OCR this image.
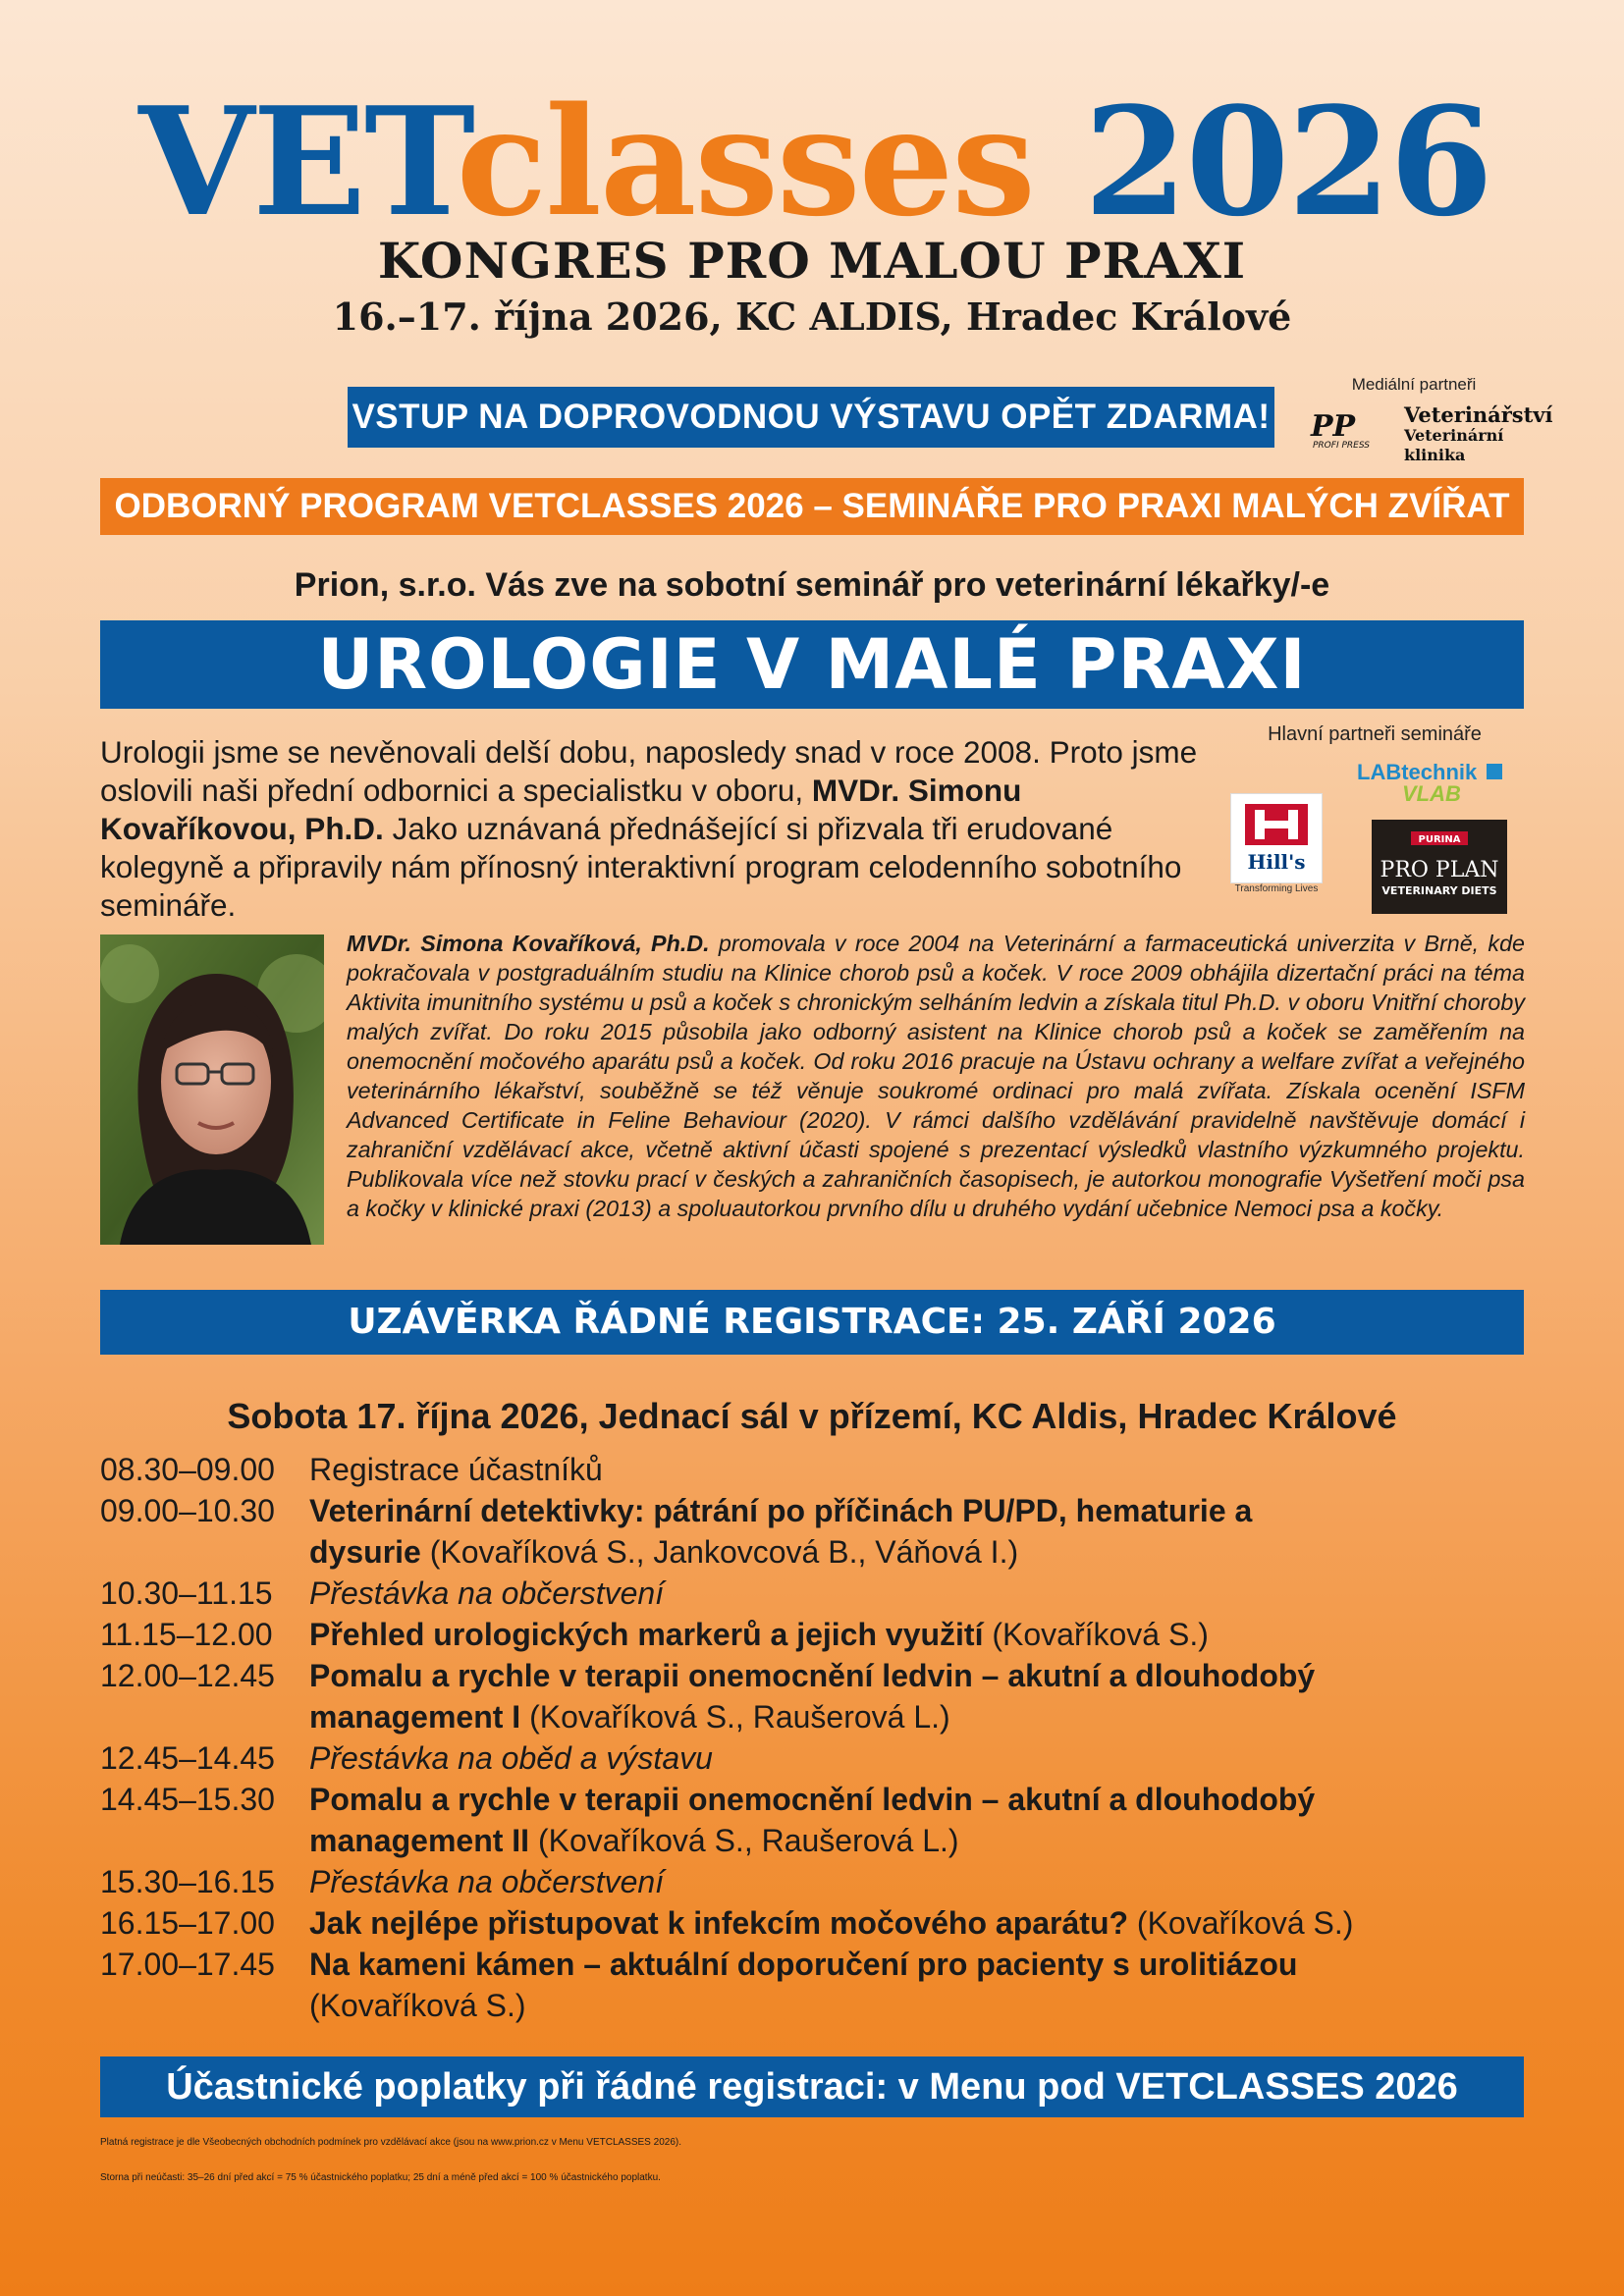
VETclasses 2026
KONGRES PRO MALOU PRAXI
16.–17. října 2026, KC ALDIS, Hradec Králové
VSTUP NA DOPROVODNOU VÝSTAVU OPĚT ZDARMA!
Mediální partneři
PP
PROFI PRESS
Veterinářství
Veterinární klinika
ODBORNÝ PROGRAM VETCLASSES 2026 – SEMINÁŘE PRO PRAXI MALÝCH ZVÍŘAT
Prion, s.r.o. Vás zve na sobotní seminář pro veterinární lékařky/-e
UROLOGIE V MALÉ PRAXI
Urologii jsme se nevěnovali delší dobu, naposledy snad v roce 2008. Proto jsme oslovili naši přední odbornici a specialistku v oboru, MVDr. Simonu Kovaříkovou, Ph.D. Jako uznávaná přednášející si přizvala tři erudované kolegyně a připravily nám přínosný interaktivní program celodenního sobotního semináře.
Hlavní partneři semináře
LABtechnik
VLAB
Hill's
Transforming Lives
PURINA
PRO PLAN
VETERINARY DIETS
MVDr. Simona Kovaříková, Ph.D. promovala v roce 2004 na Veterinární a farmaceutická univerzita v Brně, kde pokračovala v postgraduálním studiu na Klinice chorob psů a koček. V roce 2009 obhájila dizertační práci na téma Aktivita imunitního systému u psů a koček s chronickým selháním ledvin a získala titul Ph.D. v oboru Vnitřní choroby malých zvířat. Do roku 2015 působila jako odborný asistent na Klinice chorob psů a koček se zaměřením na onemocnění močového aparátu psů a koček. Od roku 2016 pracuje na Ústavu ochrany a welfare zvířat a veřejného veterinárního lékařství, souběžně se též věnuje soukromé ordinaci pro malá zvířata. Získala ocenění ISFM Advanced Certificate in Feline Behaviour (2020). V rámci dalšího vzdělávání pravidelně navštěvuje domácí i zahraniční vzdělávací akce, včetně aktivní účasti spojené s prezentací výsledků vlastního výzkumného projektu. Publikovala více než stovku prací v českých a zahraničních časopisech, je autorkou monografie Vyšetření moči psa a kočky v klinické praxi (2013) a spoluautorkou prvního dílu u druhého vydání učebnice Nemoci psa a kočky.
UZÁVĚRKA ŘÁDNÉ REGISTRACE: 25. ZÁŘÍ 2026
Sobota 17. října 2026, Jednací sál v přízemí, KC Aldis, Hradec Králové
08.30–09.00	Registrace účastníků
09.00–10.30	Veterinární detektivky: pátrání po příčinách PU/PD, hematurie a dysurie (Kovaříková S., Jankovcová B., Váňová I.)
10.30–11.15	Přestávka na občerstvení
11.15–12.00	Přehled urologických markerů a jejich využití (Kovaříková S.)
12.00–12.45	Pomalu a rychle v terapii onemocnění ledvin – akutní a dlouhodobý management I (Kovaříková S., Raušerová L.)
12.45–14.45	Přestávka na oběd a výstavu
14.45–15.30	Pomalu a rychle v terapii onemocnění ledvin – akutní a dlouhodobý management II (Kovaříková S., Raušerová L.)
15.30–16.15	Přestávka na občerstvení
16.15–17.00	Jak nejlépe přistupovat k infekcím močového aparátu? (Kovaříková S.)
17.00–17.45	Na kameni kámen – aktuální doporučení pro pacienty s urolitiázou (Kovaříková S.)
Účastnické poplatky při řádné registraci: v Menu pod VETCLASSES 2026
Platná registrace je dle Všeobecných obchodních podmínek pro vzdělávací akce (jsou na www.prion.cz v Menu VETCLASSES 2026).
Storna při neúčasti: 35–26 dní před akcí = 75 % účastnického poplatku; 25 dní a méně před akcí = 100 % účastnického poplatku.
